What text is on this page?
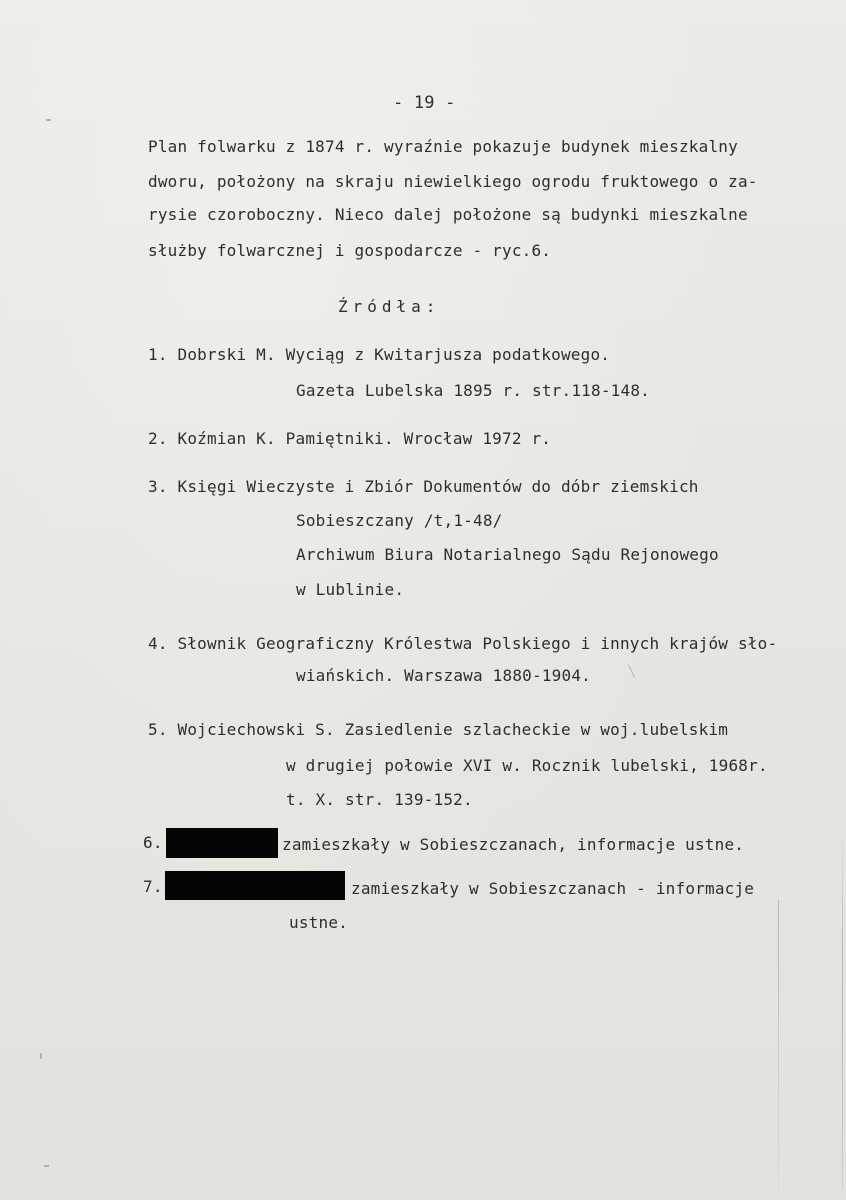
- 19 -
Plan folwarku z 1874 r. wyraźnie pokazuje budynek mieszkalny
dworu, położony na skraju niewielkiego ogrodu fruktowego o za-
rysie czoroboczny. Nieco dalej położone są budynki mieszkalne
służby folwarcznej i gospodarcze - ryc.6.
Źródła:
1. Dobrski M. Wyciąg z Kwitarjusza podatkowego.
Gazeta Lubelska 1895 r. str.118-148.
2. Koźmian K. Pamiętniki. Wrocław 1972 r.
3. Księgi Wieczyste i Zbiór Dokumentów do dóbr ziemskich
Sobieszczany /t,1-48/
Archiwum Biura Notarialnego Sądu Rejonowego
w Lublinie.
4. Słownik Geograficzny Królestwa Polskiego i innych krajów sło-
wiańskich. Warszawa 1880-1904.
5. Wojciechowski S. Zasiedlenie szlacheckie w woj.lubelskim
w drugiej połowie XVI w. Rocznik lubelski, 1968r.
t. X. str. 139-152.
6.	zamieszkały w Sobieszczanach, informacje ustne.
7.	zamieszkały w Sobieszczanach - informacje
ustne.
